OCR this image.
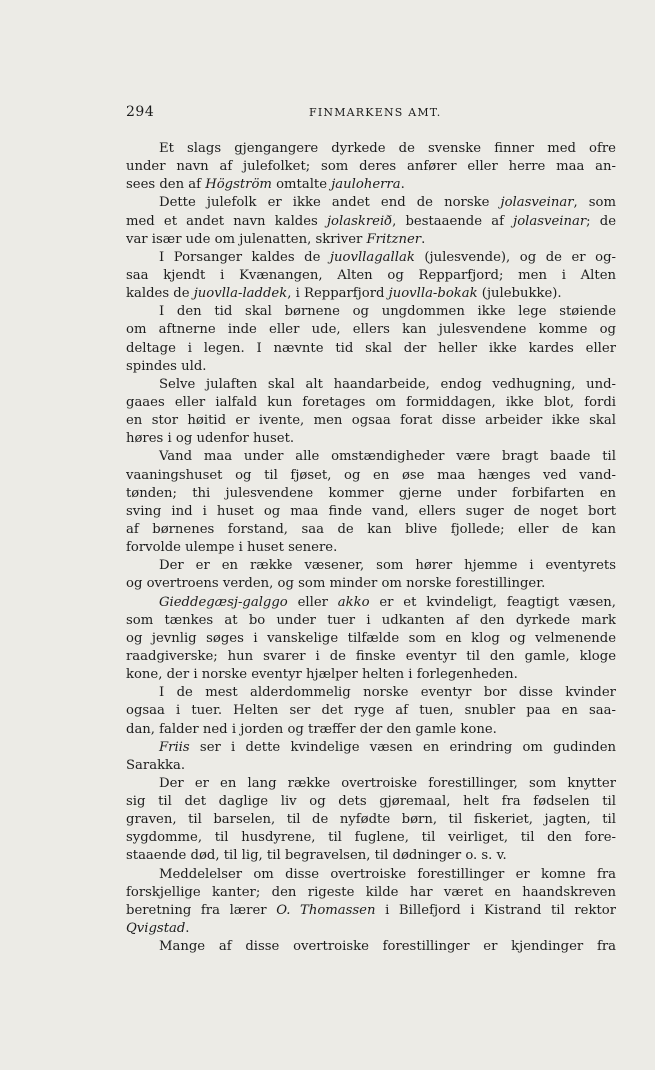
294	FINMARKENS AMT.
Et slags gjengangere dyrkede de svenske finner med ofre
under navn af julefolket; som deres anfører eller herre maa an-
sees den af Högström omtalte jauloherra.
Dette julefolk er ikke andet end de norske jolasveinar, som
med et andet navn kaldes jolaskreið, bestaaende af jolasveinar; de
var især ude om julenatten, skriver Fritzner.
I Porsanger kaldes de juovllagallak (julesvende), og de er og-
saa kjendt i Kvænangen, Alten og Repparfjord; men i Alten
kaldes de juovlla-laddek, i Repparfjord juovlla-bokak (julebukke).
I den tid skal børnene og ungdommen ikke lege støiende
om aftnerne inde eller ude, ellers kan julesvendene komme og
deltage i legen. I nævnte tid skal der heller ikke kardes eller
spindes uld.
Selve julaften skal alt haandarbeide, endog vedhugning, und-
gaaes eller ialfald kun foretages om formiddagen, ikke blot, fordi
en stor høitid er ivente, men ogsaa forat disse arbeider ikke skal
høres i og udenfor huset.
Vand maa under alle omstændigheder være bragt baade til
vaaningshuset og til fjøset, og en øse maa hænges ved vand-
tønden; thi julesvendene kommer gjerne under forbifarten en
sving ind i huset og maa finde vand, ellers suger de noget bort
af børnenes forstand, saa de kan blive fjollede; eller de kan
forvolde ulempe i huset senere.
Der er en række væsener, som hører hjemme i eventyrets
og overtroens verden, og som minder om norske forestillinger.
Gieddegæsj-galggo eller akko er et kvindeligt, feagtigt væsen,
som tænkes at bo under tuer i udkanten af den dyrkede mark
og jevnlig søges i vanskelige tilfælde som en klog og velmenende
raadgiverske; hun svarer i de finske eventyr til den gamle, kloge
kone, der i norske eventyr hjælper helten i forlegenheden.
I de mest alderdommelig norske eventyr bor disse kvinder
ogsaa i tuer. Helten ser det ryge af tuen, snubler paa en saa-
dan, falder ned i jorden og træffer der den gamle kone.
Friis ser i dette kvindelige væsen en erindring om gudinden
Sarakka.
Der er en lang række overtroiske forestillinger, som knytter
sig til det daglige liv og dets gjøremaal, helt fra fødselen til
graven, til barselen, til de nyfødte børn, til fiskeriet, jagten, til
sygdomme, til husdyrene, til fuglene, til veirliget, til den fore-
staaende død, til lig, til begravelsen, til dødninger o. s. v.
Meddelelser om disse overtroiske forestillinger er komne fra
forskjellige kanter; den rigeste kilde har været en haandskreven
beretning fra lærer O. Thomassen i Billefjord i Kistrand til rektor
Qvigstad.
Mange af disse overtroiske forestillinger er kjendinger fra
